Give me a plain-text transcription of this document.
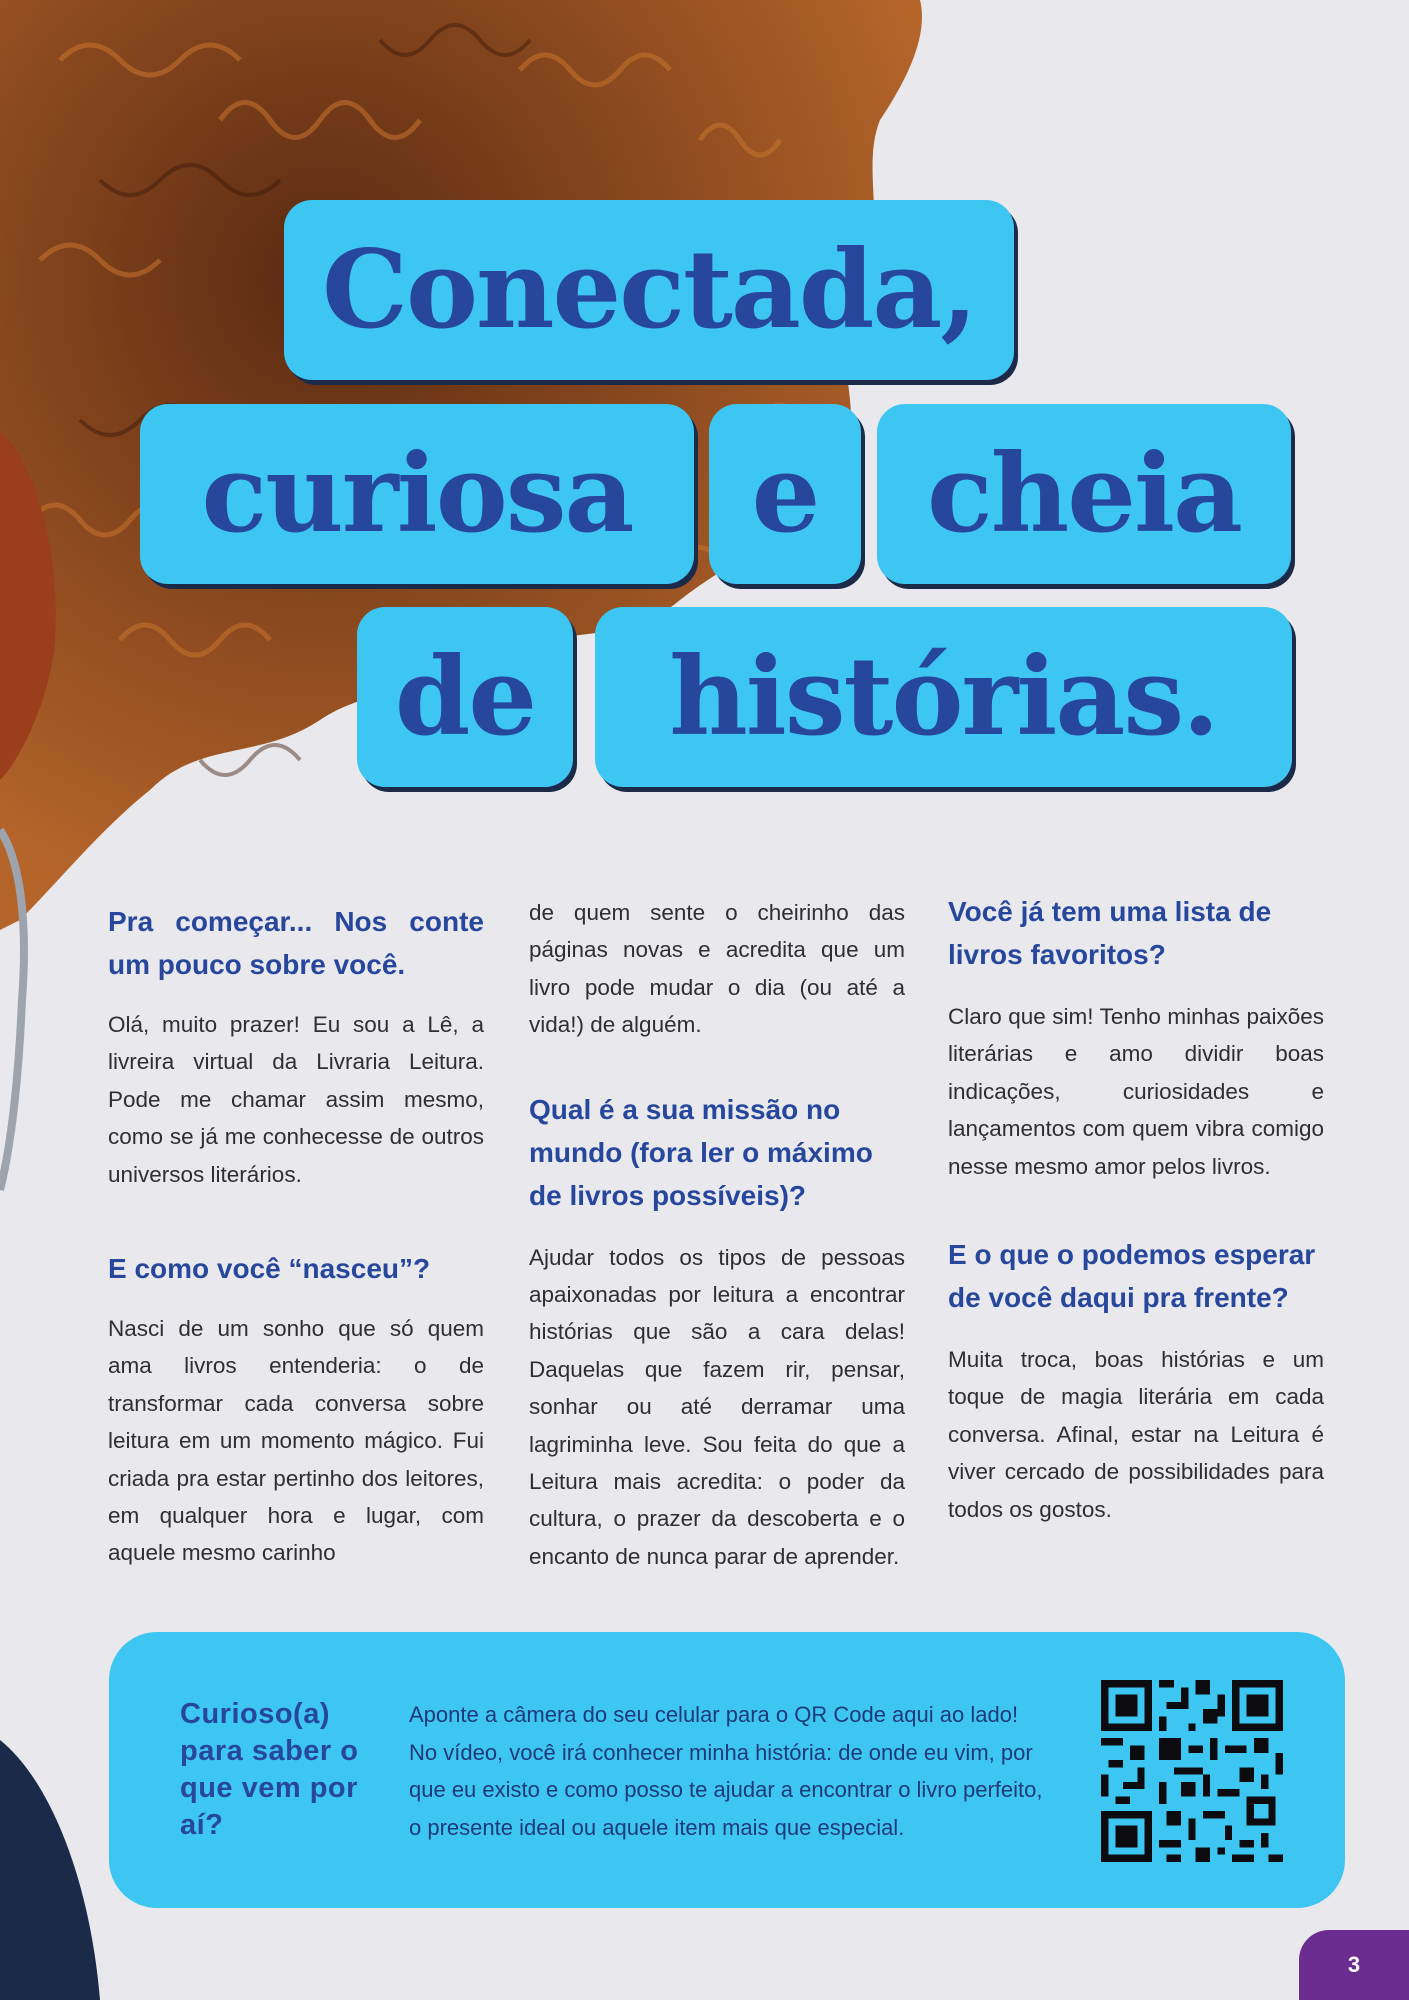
Conectada,
curiosa	e	cheia
de	histórias.

Pra começar... Nos conte um pouco sobre você.

Olá, muito prazer! Eu sou a Lê, a livreira virtual da Livraria Leitura. Pode me chamar assim mesmo, como se já me conhecesse de outros universos literários.

E como você “nasceu”?

Nasci de um sonho que só quem ama livros entenderia: o de transformar cada conversa sobre leitura em um momento mágico. Fui criada pra estar pertinho dos leitores, em qualquer hora e lugar, com aquele mesmo carinho

de quem sente o cheirinho das páginas novas e acredita que um livro pode mudar o dia (ou até a vida!) de alguém.

Qual é a sua missão no mundo (fora ler o máximo de livros possíveis)?

Ajudar todos os tipos de pessoas apaixonadas por leitura a encontrar histórias que são a cara delas! Daquelas que fazem rir, pensar, sonhar ou até derramar uma lagriminha leve. Sou feita do que a Leitura mais acredita: o poder da cultura, o prazer da descoberta e o encanto de nunca parar de aprender.

Você já tem uma lista de livros favoritos?

Claro que sim! Tenho minhas paixões literárias e amo dividir boas indicações, curiosidades e lançamentos com quem vibra comigo nesse mesmo amor pelos livros.

E o que o podemos esperar de você daqui pra frente?

Muita troca, boas histórias e um toque de magia literária em cada conversa. Afinal, estar na Leitura é viver cercado de possibilidades para todos os gostos.

Curioso(a) para saber o que vem por aí?

Aponte a câmera do seu celular para o QR Code aqui ao lado! No vídeo, você irá conhecer minha história: de onde eu vim, por que eu existo e como posso te ajudar a encontrar o livro perfeito, o presente ideal ou aquele item mais que especial.

3
